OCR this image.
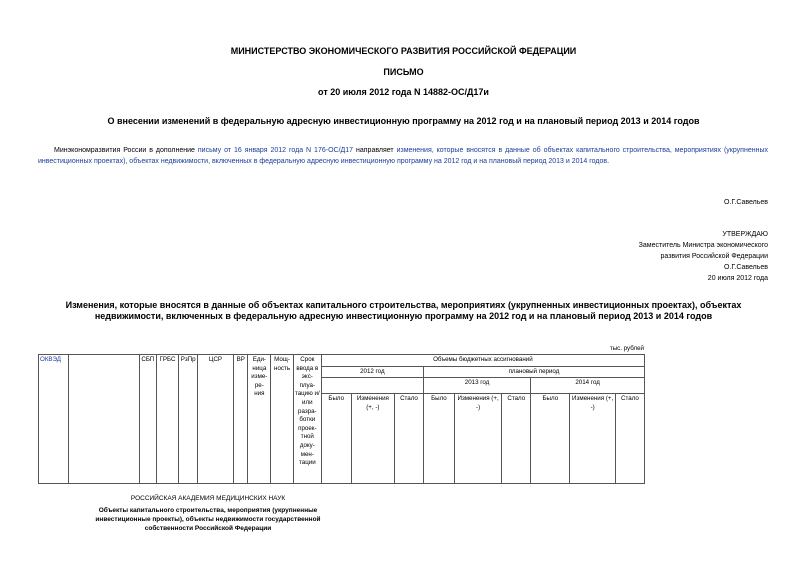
МИНИСТЕРСТВО ЭКОНОМИЧЕСКОГО РАЗВИТИЯ РОССИЙСКОЙ ФЕДЕРАЦИИ
ПИСЬМО
от 20 июля 2012 года N 14882-ОС/Д17и
О внесении изменений в федеральную адресную инвестиционную программу на 2012 год и на плановый период 2013 и 2014 годов
Минэкономразвития России в дополнение письму от 16 января 2012 года N 176-ОС/Д17 направляет изменения, которые вносятся в данные об объектах капитального строительства, мероприятиях (укрупненных инвестиционных проектах), объектах недвижимости, включенных в федеральную адресную инвестиционную программу на 2012 год и на плановый период 2013 и 2014 годов.
О.Г.Савельев
УТВЕРЖДАЮ
Заместитель Министра экономического
развития Российской Федерации
О.Г.Савельев
20 июля 2012 года
Изменения, которые вносятся в данные об объектах капитального строительства, мероприятиях (укрупненных инвестиционных проектах), объектах
недвижимости, включенных в федеральную адресную инвестиционную программу на 2012 год и на плановый период 2013 и 2014 годов
тыс. рублей
ОКВЭД		СБП	ГРБС	РзПр	ЦСР	ВР	Еди- ница изме- ре- ния	Мощ- ность	Срок ввода в экс- плуа- тацию и/или разра- ботки проек- тной доку- мен- тации	Объемы бюджетных ассигнований								
										2012 год			плановый период					
													2013 год			2014 год		
										Было	Изменения (+, -)	Стало	Было	Изменения (+, -)	Стало	Было	Изменения (+, -)	Стало
РОССИЙСКАЯ АКАДЕМИЯ МЕДИЦИНСКИХ НАУК
Объекты капитального строительства, мероприятия (укрупненные
инвестиционные проекты), объекты недвижимости государственной
собственности Российской Федерации
